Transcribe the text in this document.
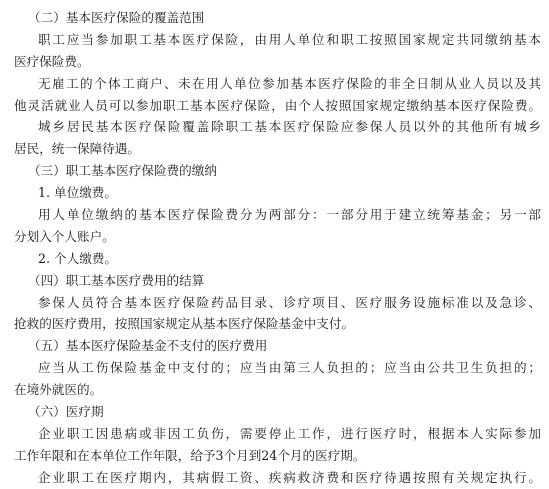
（二）基本医疗保险的覆盖范围
职工应当参加职工基本医疗保险，由用人单位和职工按照国家规定共同缴纳基本
医疗保险费。
无雇工的个体工商户、未在用人单位参加基本医疗保险的非全日制从业人员以及其
他灵活就业人员可以参加职工基本医疗保险，由个人按照国家规定缴纳基本医疗保险费。
城乡居民基本医疗保险覆盖除职工基本医疗保险应参保人员以外的其他所有城乡
居民，统一保障待遇。
（三）职工基本医疗保险费的缴纳
1. 单位缴费。
用人单位缴纳的基本医疗保险费分为两部分：一部分用于建立统筹基金；另一部
分划入个人账户。
2. 个人缴费。
（四）职工基本医疗费用的结算
参保人员符合基本医疗保险药品目录、诊疗项目、医疗服务设施标准以及急诊、
抢救的医疗费用，按照国家规定从基本医疗保险基金中支付。
（五）基本医疗保险基金不支付的医疗费用
应当从工伤保险基金中支付的；应当由第三人负担的；应当由公共卫生负担的；
在境外就医的。
（六）医疗期
企业职工因患病或非因工负伤，需要停止工作，进行医疗时，根据本人实际参加
工作年限和在本单位工作年限，给予3个月到24个月的医疗期。
企业职工在医疗期内，其病假工资、疾病救济费和医疗待遇按照有关规定执行。
